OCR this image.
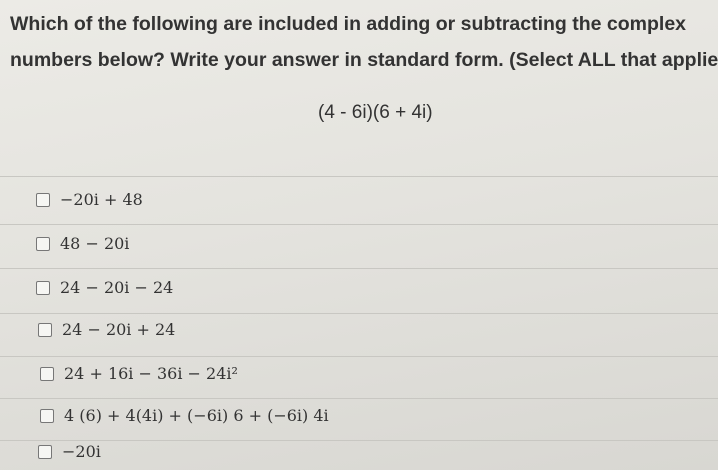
Which of the following are included in adding or subtracting the complex
numbers below? Write your answer in standard form. (Select ALL that applie
(4 - 6i)(6 + 4i)
−20i + 48
48 − 20i
24 − 20i − 24
24 − 20i + 24
24 + 16i − 36i − 24i²
4 (6) + 4(4i) + (−6i) 6 + (−6i) 4i
−20i
